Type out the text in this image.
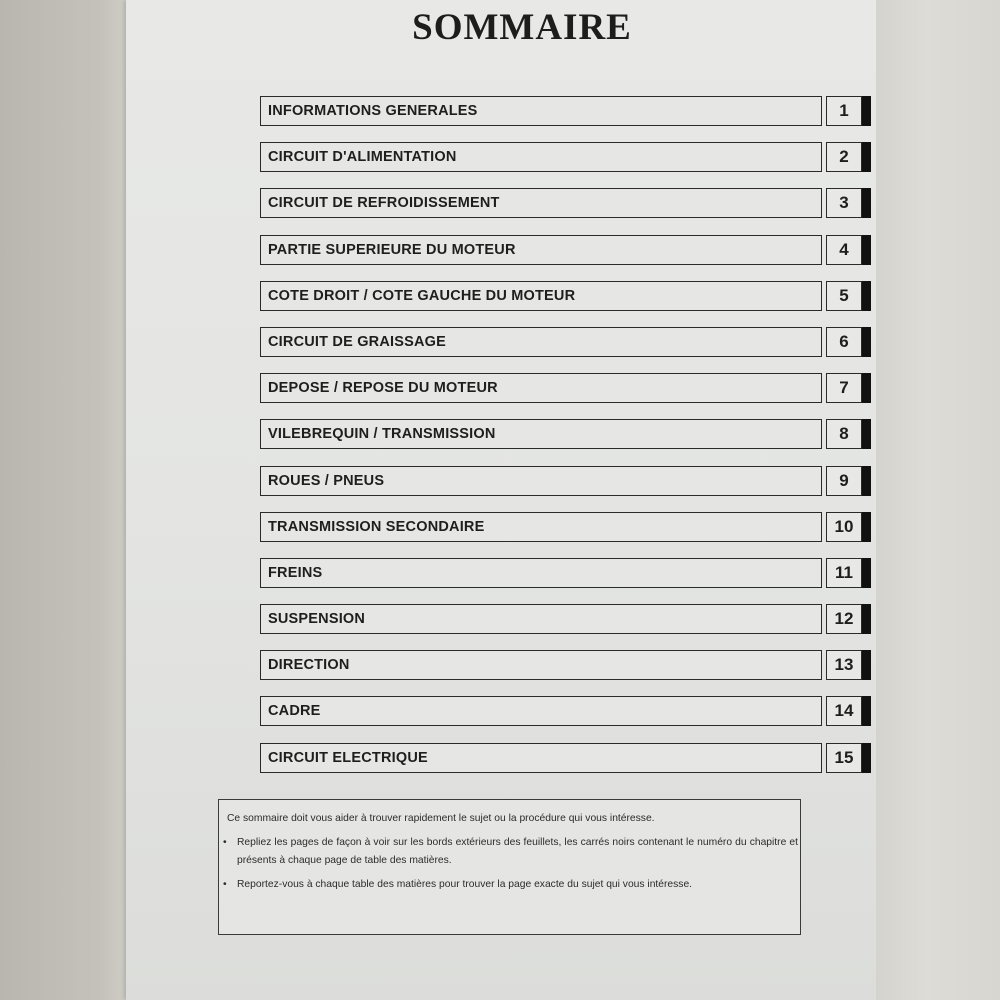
SOMMAIRE
INFORMATIONS GENERALES	1
CIRCUIT D'ALIMENTATION	2
CIRCUIT DE REFROIDISSEMENT	3
PARTIE SUPERIEURE DU MOTEUR	4
COTE DROIT / COTE GAUCHE DU MOTEUR	5
CIRCUIT DE GRAISSAGE	6
DEPOSE / REPOSE DU MOTEUR	7
VILEBREQUIN / TRANSMISSION	8
ROUES / PNEUS	9
TRANSMISSION SECONDAIRE	10
FREINS	11
SUSPENSION	12
DIRECTION	13
CADRE	14
CIRCUIT ELECTRIQUE	15

Ce sommaire doit vous aider à trouver rapidement le sujet ou la procédure qui vous intéresse.

• Repliez les pages de façon à voir sur les bords extérieurs des feuillets, les carrés noirs contenant le numéro du chapitre et présents à chaque page de table des matières.

• Reportez-vous à chaque table des matières pour trouver la page exacte du sujet qui vous intéresse.
